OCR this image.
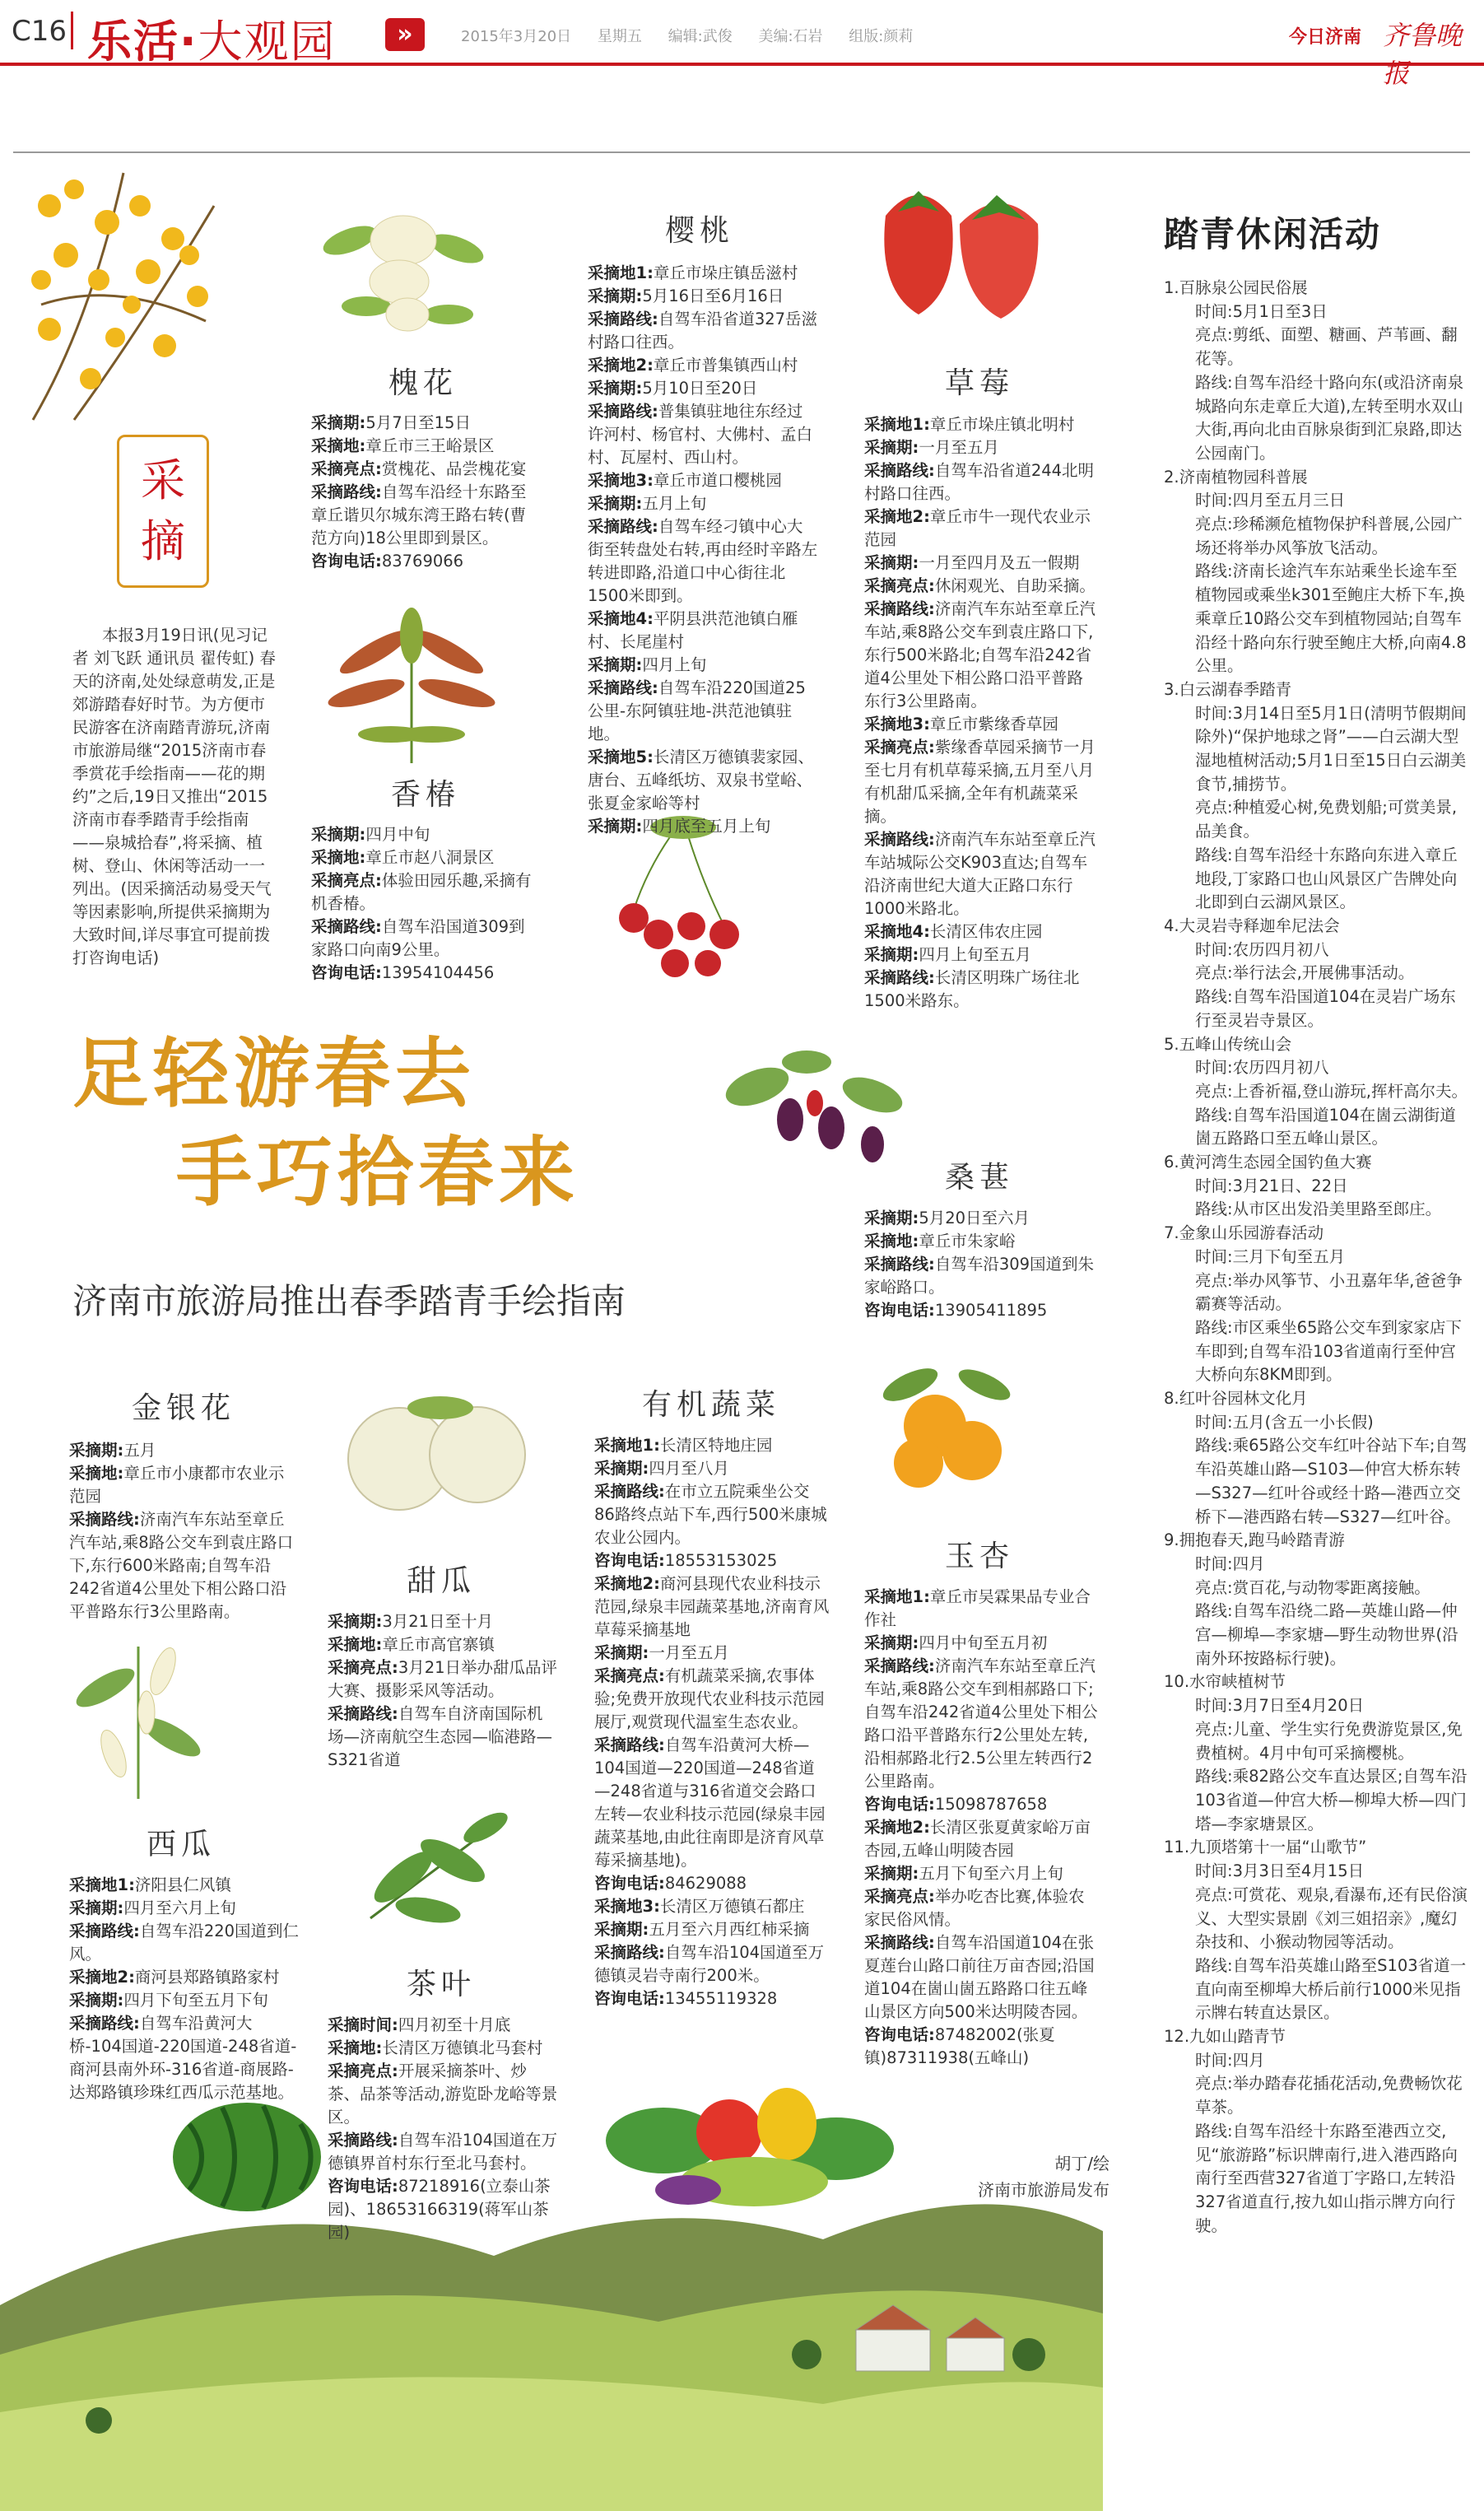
C16 乐活·大观园	»	2015年3月20日 星期五 编辑:武俊 美编:石岩 组版:颜莉	今日济南 齐鲁晚报
采
摘
本报3月19日讯(见习记者 刘飞跃 通讯员 翟传虹) 春天的济南,处处绿意萌发,正是郊游踏春好时节。为方便市民游客在济南踏青游玩,济南市旅游局继“2015济南市春季赏花手绘指南——花的期约”之后,19日又推出“2015济南市春季踏青手绘指南——泉城拾春”,将采摘、植树、登山、休闲等活动一一列出。(因采摘活动易受天气等因素影响,所提供采摘期为大致时间,详尽事宜可提前拨打咨询电话)
足轻游春去
手巧拾春来
济南市旅游局推出春季踏青手绘指南
槐花

采摘期:5月7日至15日

采摘地:章丘市三王峪景区

采摘亮点:赏槐花、品尝槐花宴

采摘路线:自驾车沿经十东路至章丘谐贝尔城东湾王路右转(曹范方向)18公里即到景区。

咨询电话:83769066

香椿

采摘期:四月中旬

采摘地:章丘市赵八洞景区

采摘亮点:体验田园乐趣,采摘有机香椿。

采摘路线:自驾车沿国道309到家路口向南9公里。

咨询电话:13954104456

樱桃

采摘地1:章丘市垛庄镇岳滋村

采摘期:5月16日至6月16日

采摘路线:自驾车沿省道327岳滋村路口往西。

采摘地2:章丘市普集镇西山村

采摘期:5月10日至20日

采摘路线:普集镇驻地往东经过许河村、杨官村、大佛村、孟白村、瓦屋村、西山村。

采摘地3:章丘市道口樱桃园

采摘期:五月上旬

采摘路线:自驾车经刁镇中心大街至转盘处右转,再由经时辛路左转进即路,沿道口中心街往北1500米即到。

采摘地4:平阴县洪范池镇白雁村、长尾崖村

采摘期:四月上旬

采摘路线:自驾车沿220国道25公里-东阿镇驻地-洪范池镇驻地。

采摘地5:长清区万德镇裴家园、唐台、五峰纸坊、双泉书堂峪、张夏金家峪等村

采摘期:四月底至五月上旬

草莓

采摘地1:章丘市垛庄镇北明村

采摘期:一月至五月

采摘路线:自驾车沿省道244北明村路口往西。

采摘地2:章丘市牛一现代农业示范园

采摘期:一月至四月及五一假期

采摘亮点:休闲观光、自助采摘。

采摘路线:济南汽车东站至章丘汽车站,乘8路公交车到袁庄路口下,东行500米路北;自驾车沿242省道4公里处下相公路口沿平普路东行3公里路南。

采摘地3:章丘市紫缘香草园

采摘亮点:紫缘香草园采摘节一月至七月有机草莓采摘,五月至八月有机甜瓜采摘,全年有机蔬菜采摘。

采摘路线:济南汽车东站至章丘汽车站城际公交K903直达;自驾车沿济南世纪大道大正路口东行1000米路北。

采摘地4:长清区伟农庄园

采摘期:四月上旬至五月

采摘路线:长清区明珠广场往北1500米路东。

桑葚

采摘期:5月20日至六月

采摘地:章丘市朱家峪

采摘路线:自驾车沿309国道到朱家峪路口。

咨询电话:13905411895

金银花

采摘期:五月

采摘地:章丘市小康都市农业示范园

采摘路线:济南汽车东站至章丘汽车站,乘8路公交车到袁庄路口下,东行600米路南;自驾车沿242省道4公里处下相公路口沿平普路东行3公里路南。

甜瓜

采摘期:3月21日至十月

采摘地:章丘市高官寨镇

采摘亮点:3月21日举办甜瓜品评大赛、摄影采风等活动。

采摘路线:自驾车自济南国际机场—济南航空生态园—临港路—S321省道

西瓜

采摘地1:济阳县仁风镇

采摘期:四月至六月上旬

采摘路线:自驾车沿220国道到仁风。

采摘地2:商河县郑路镇路家村

采摘期:四月下旬至五月下旬

采摘路线:自驾车沿黄河大桥-104国道-220国道-248省道-商河县南外环-316省道-商展路-达郑路镇珍珠红西瓜示范基地。

茶叶

采摘时间:四月初至十月底

采摘地:长清区万德镇北马套村

采摘亮点:开展采摘茶叶、炒茶、品茶等活动,游览卧龙峪等景区。

采摘路线:自驾车沿104国道在万德镇界首村东行至北马套村。

咨询电话:87218916(立泰山茶园)、18653166319(蒋军山茶园)

有机蔬菜

采摘地1:长清区特地庄园

采摘期:四月至八月

采摘路线:在市立五院乘坐公交86路终点站下车,西行500米康城农业公园内。

咨询电话:18553153025

采摘地2:商河县现代农业科技示范园,绿泉丰园蔬菜基地,济南育风草莓采摘基地

采摘期:一月至五月

采摘亮点:有机蔬菜采摘,农事体验;免费开放现代农业科技示范园展厅,观赏现代温室生态农业。

采摘路线:自驾车沿黄河大桥—104国道—220国道—248省道—248省道与316省道交会路口左转—农业科技示范园(绿泉丰园蔬菜基地,由此往南即是济育风草莓采摘基地)。

咨询电话:84629088

采摘地3:长清区万德镇石都庄

采摘期:五月至六月西红柿采摘

采摘路线:自驾车沿104国道至万德镇灵岩寺南行200米。

咨询电话:13455119328

玉杏

采摘地1:章丘市吴霖果品专业合作社

采摘期:四月中旬至五月初

采摘路线:济南汽车东站至章丘汽车站,乘8路公交车到相郝路口下;自驾车沿242省道4公里处下相公路口沿平普路东行2公里处左转,沿相郝路北行2.5公里左转西行2公里路南。

咨询电话:15098787658

采摘地2:长清区张夏黄家峪万亩杏园,五峰山明陵杏园

采摘期:五月下旬至六月上旬

采摘亮点:举办吃杏比赛,体验农家民俗风情。

采摘路线:自驾车沿国道104在张夏莲台山路口前往万亩杏园;沿国道104在崮山崮五路路口往五峰山景区方向500米达明陵杏园。

咨询电话:87482002(张夏镇)87311938(五峰山)

胡丁/绘
济南市旅游局发布
踏青休闲活动

1.百脉泉公园民俗展

时间:5月1日至3日

亮点:剪纸、面塑、糖画、芦苇画、翻花等。

路线:自驾车沿经十路向东(或沿济南泉城路向东走章丘大道),左转至明水双山大街,再向北由百脉泉街到汇泉路,即达公园南门。

2.济南植物园科普展

时间:四月至五月三日

亮点:珍稀濒危植物保护科普展,公园广场还将举办风筝放飞活动。

路线:济南长途汽车东站乘坐长途车至植物园或乘坐k301至鲍庄大桥下车,换乘章丘10路公交车到植物园站;自驾车沿经十路向东行驶至鲍庄大桥,向南4.8公里。

3.白云湖春季踏青

时间:3月14日至5月1日(清明节假期间除外)“保护地球之肾”——白云湖大型湿地植树活动;5月1日至15日白云湖美食节,捕捞节。

亮点:种植爱心树,免费划船;可赏美景,品美食。

路线:自驾车沿经十东路向东进入章丘地段,丁家路口也山风景区广告牌处向北即到白云湖风景区。

4.大灵岩寺释迦牟尼法会

时间:农历四月初八

亮点:举行法会,开展佛事活动。

路线:自驾车沿国道104在灵岩广场东行至灵岩寺景区。

5.五峰山传统山会

时间:农历四月初八

亮点:上香祈福,登山游玩,挥杆高尔夫。

路线:自驾车沿国道104在崮云湖街道崮五路路口至五峰山景区。

6.黄河湾生态园全国钓鱼大赛

时间:3月21日、22日

路线:从市区出发沿美里路至郎庄。

7.金象山乐园游春活动

时间:三月下旬至五月

亮点:举办风筝节、小丑嘉年华,爸爸争霸赛等活动。

路线:市区乘坐65路公交车到家家店下车即到;自驾车沿103省道南行至仲宫大桥向东8KM即到。

8.红叶谷园林文化月

时间:五月(含五一小长假)

路线:乘65路公交车红叶谷站下车;自驾车沿英雄山路—S103—仲宫大桥东转—S327—红叶谷或经十路—港西立交桥下—港西路右转—S327—红叶谷。

9.拥抱春天,跑马岭踏青游

时间:四月

亮点:赏百花,与动物零距离接触。

路线:自驾车沿绕二路—英雄山路—仲宫—柳埠—李家塘—野生动物世界(沿南外环按路标行驶)。

10.水帘峡植树节

时间:3月7日至4月20日

亮点:儿童、学生实行免费游览景区,免费植树。4月中旬可采摘樱桃。

路线:乘82路公交车直达景区;自驾车沿103省道—仲宫大桥—柳埠大桥—四门塔—李家塘景区。

11.九顶塔第十一届“山歌节”

时间:3月3日至4月15日

亮点:可赏花、观泉,看瀑布,还有民俗演义、大型实景剧《刘三姐招亲》,魔幻杂技和、小猴动物园等活动。

路线:自驾车沿英雄山路至S103省道一直向南至柳埠大桥后前行1000米见指示牌右转直达景区。

12.九如山踏青节

时间:四月

亮点:举办踏春花插花活动,免费畅饮花草茶。

路线:自驾车沿经十东路至港西立交,见“旅游路”标识牌南行,进入港西路向南行至西营327省道丁字路口,左转沿327省道直行,按九如山指示牌方向行驶。
